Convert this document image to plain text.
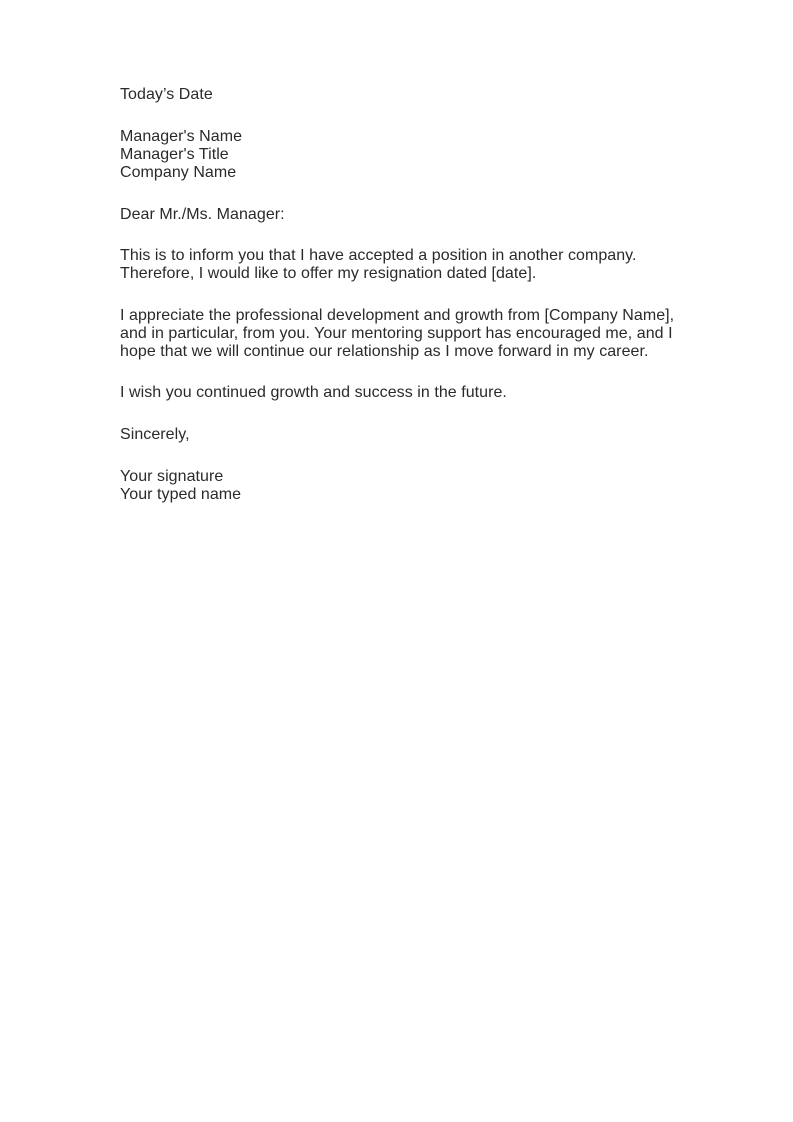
Today’s Date
Manager's Name
Manager's Title
Company Name
Dear Mr./Ms. Manager:
This is to inform you that I have accepted a position in another company.
Therefore, I would like to offer my resignation dated [date].
I appreciate the professional development and growth from [Company Name],
and in particular, from you. Your mentoring support has encouraged me, and I
hope that we will continue our relationship as I move forward in my career.
I wish you continued growth and success in the future.
Sincerely,
Your signature
Your typed name
